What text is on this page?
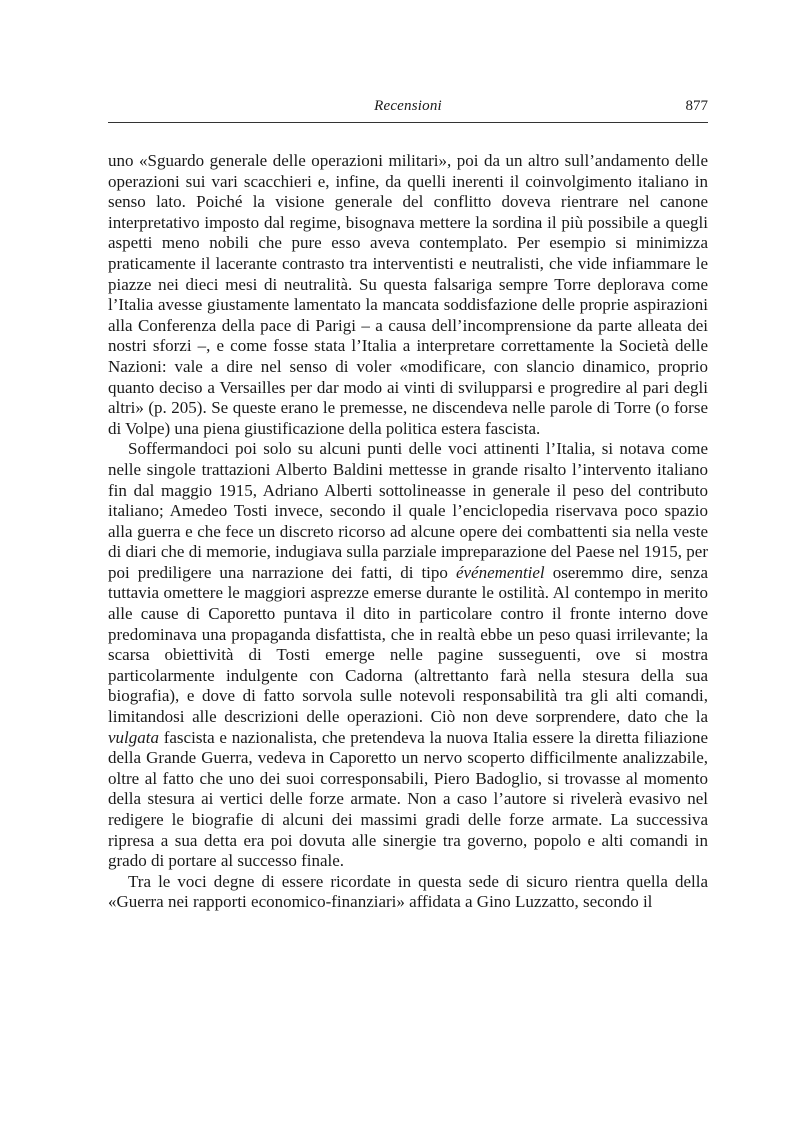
Recensioni	877

uno «Sguardo generale delle operazioni militari», poi da un altro sull’andamento delle operazioni sui vari scacchieri e, infine, da quelli inerenti il coinvolgimento italiano in senso lato. Poiché la visione generale del conflitto doveva rientrare nel canone interpretativo imposto dal regime, bisognava mettere la sordina il più possibile a quegli aspetti meno nobili che pure esso aveva contemplato. Per esempio si minimizza praticamente il lacerante contrasto tra interventisti e neutralisti, che vide infiammare le piazze nei dieci mesi di neutralità. Su questa falsariga sempre Torre deplorava come l’Italia avesse giustamente lamentato la mancata soddisfazione delle proprie aspirazioni alla Conferenza della pace di Parigi – a causa dell’incomprensione da parte alleata dei nostri sforzi –, e come fosse stata l’Italia a interpretare correttamente la Società delle Nazioni: vale a dire nel senso di voler «modificare, con slancio dinamico, proprio quanto deciso a Versailles per dar modo ai vinti di svilupparsi e progredire al pari degli altri» (p. 205). Se queste erano le premesse, ne discendeva nelle parole di Torre (o forse di Volpe) una piena giustificazione della politica estera fascista.

Soffermandoci poi solo su alcuni punti delle voci attinenti l’Italia, si notava come nelle singole trattazioni Alberto Baldini mettesse in grande risalto l’intervento italiano fin dal maggio 1915, Adriano Alberti sottolineasse in generale il peso del contributo italiano; Amedeo Tosti invece, secondo il quale l’enciclopedia riservava poco spazio alla guerra e che fece un discreto ricorso ad alcune opere dei combattenti sia nella veste di diari che di memorie, indugiava sulla parziale impreparazione del Paese nel 1915, per poi prediligere una narrazione dei fatti, di tipo événementiel oseremmo dire, senza tuttavia omettere le maggiori asprezze emerse durante le ostilità. Al contempo in merito alle cause di Caporetto puntava il dito in particolare contro il fronte interno dove predominava una propaganda disfattista, che in realtà ebbe un peso quasi irrilevante; la scarsa obiettività di Tosti emerge nelle pagine susseguenti, ove si mostra particolarmente indulgente con Cadorna (altrettanto farà nella stesura della sua biografia), e dove di fatto sorvola sulle notevoli responsabilità tra gli alti comandi, limitandosi alle descrizioni delle operazioni. Ciò non deve sorprendere, dato che la vulgata fascista e nazionalista, che pretendeva la nuova Italia essere la diretta filiazione della Grande Guerra, vedeva in Caporetto un nervo scoperto difficilmente analizzabile, oltre al fatto che uno dei suoi corresponsabili, Piero Badoglio, si trovasse al momento della stesura ai vertici delle forze armate. Non a caso l’autore si rivelerà evasivo nel redigere le biografie di alcuni dei massimi gradi delle forze armate. La successiva ripresa a sua detta era poi dovuta alle sinergie tra governo, popolo e alti comandi in grado di portare al successo finale.

Tra le voci degne di essere ricordate in questa sede di sicuro rientra quella della «Guerra nei rapporti economico-finanziari» affidata a Gino Luzzatto, secondo il
